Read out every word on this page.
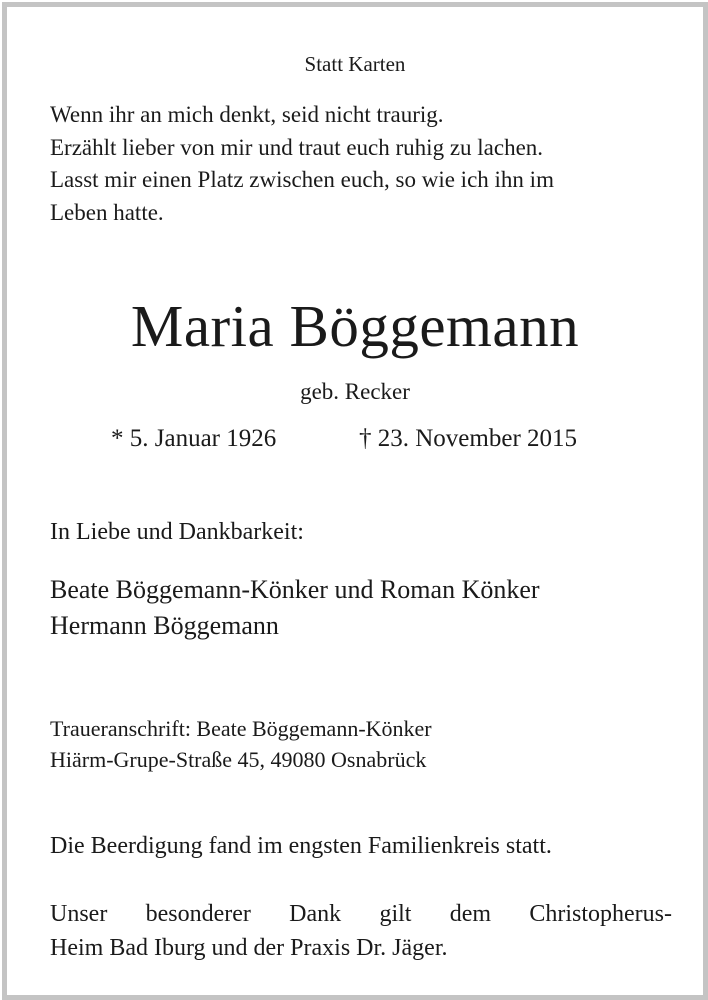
Statt Karten
Wenn ihr an mich denkt, seid nicht traurig.
Erzählt lieber von mir und traut euch ruhig zu lachen.
Lasst mir einen Platz zwischen euch, so wie ich ihn im
Leben hatte.
Maria Böggemann
geb. Recker
* 5. Januar 1926	† 23. November 2015
In Liebe und Dankbarkeit:
Beate Böggemann-Könker und Roman Könker
Hermann Böggemann
Traueranschrift: Beate Böggemann-Könker
Hiärm-Grupe-Straße 45, 49080 Osnabrück
Die Beerdigung fand im engsten Familienkreis statt.
Unser besonderer Dank gilt dem Christopherus-
Heim Bad Iburg und der Praxis Dr. Jäger.
